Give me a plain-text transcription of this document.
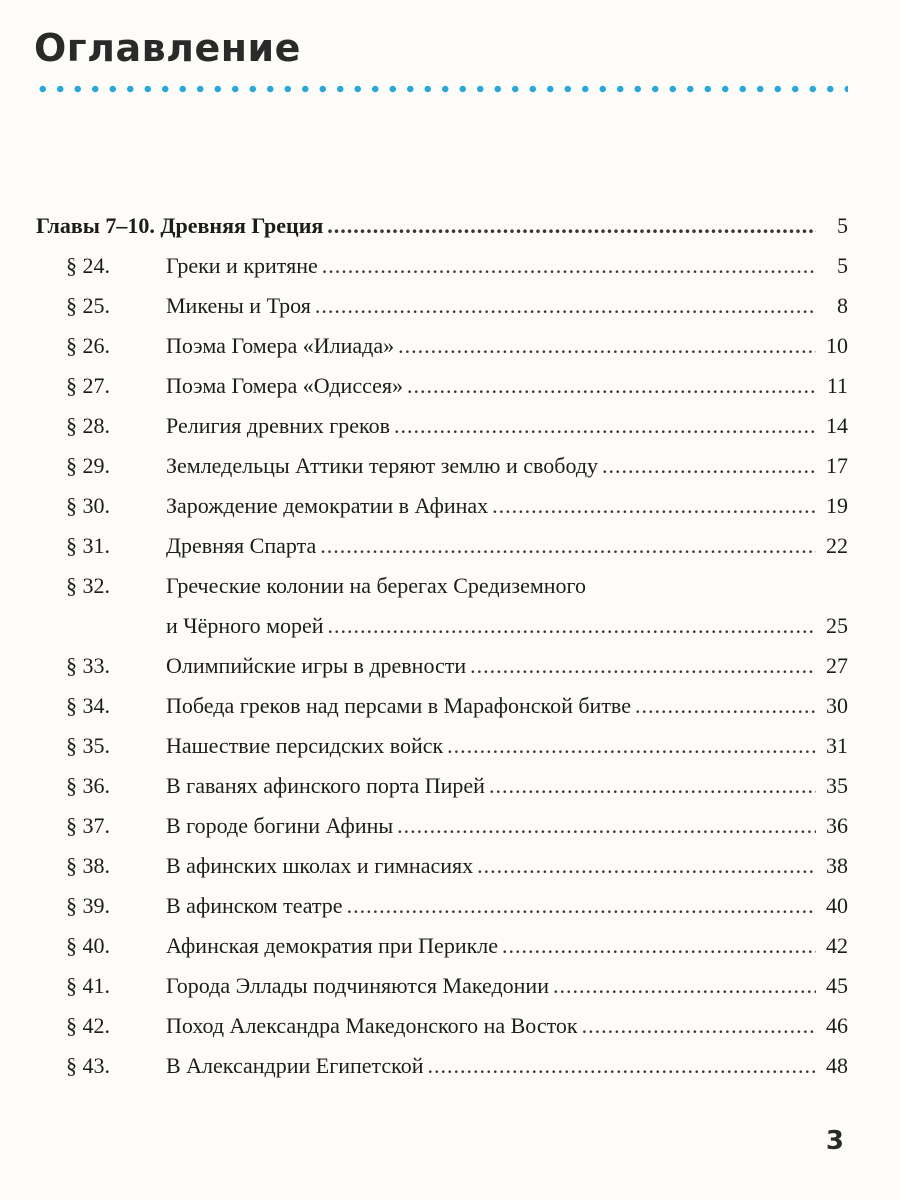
Оглавление
Главы 7–10. Древняя Греция .....	5
§ 24.	Греки и критяне .....	5
§ 25.	Микены и Троя .....	8
§ 26.	Поэма Гомера «Илиада» .....	10
§ 27.	Поэма Гомера «Одиссея» .....	11
§ 28.	Религия древних греков .....	14
§ 29.	Земледельцы Аттики теряют землю и свободу .....	17
§ 30.	Зарождение демократии в Афинах .....	19
§ 31.	Древняя Спарта .....	22
§ 32.	Греческие колонии на берегах Средиземного
и Чёрного морей .....	25
§ 33.	Олимпийские игры в древности .....	27
§ 34.	Победа греков над персами в Марафонской битве .....	30
§ 35.	Нашествие персидских войск .....	31
§ 36.	В гаванях афинского порта Пирей .....	35
§ 37.	В городе богини Афины .....	36
§ 38.	В афинских школах и гимнасиях .....	38
§ 39.	В афинском театре .....	40
§ 40.	Афинская демократия при Перикле .....	42
§ 41.	Города Эллады подчиняются Македонии .....	45
§ 42.	Поход Александра Македонского на Восток .....	46
§ 43.	В Александрии Египетской .....	48
3
